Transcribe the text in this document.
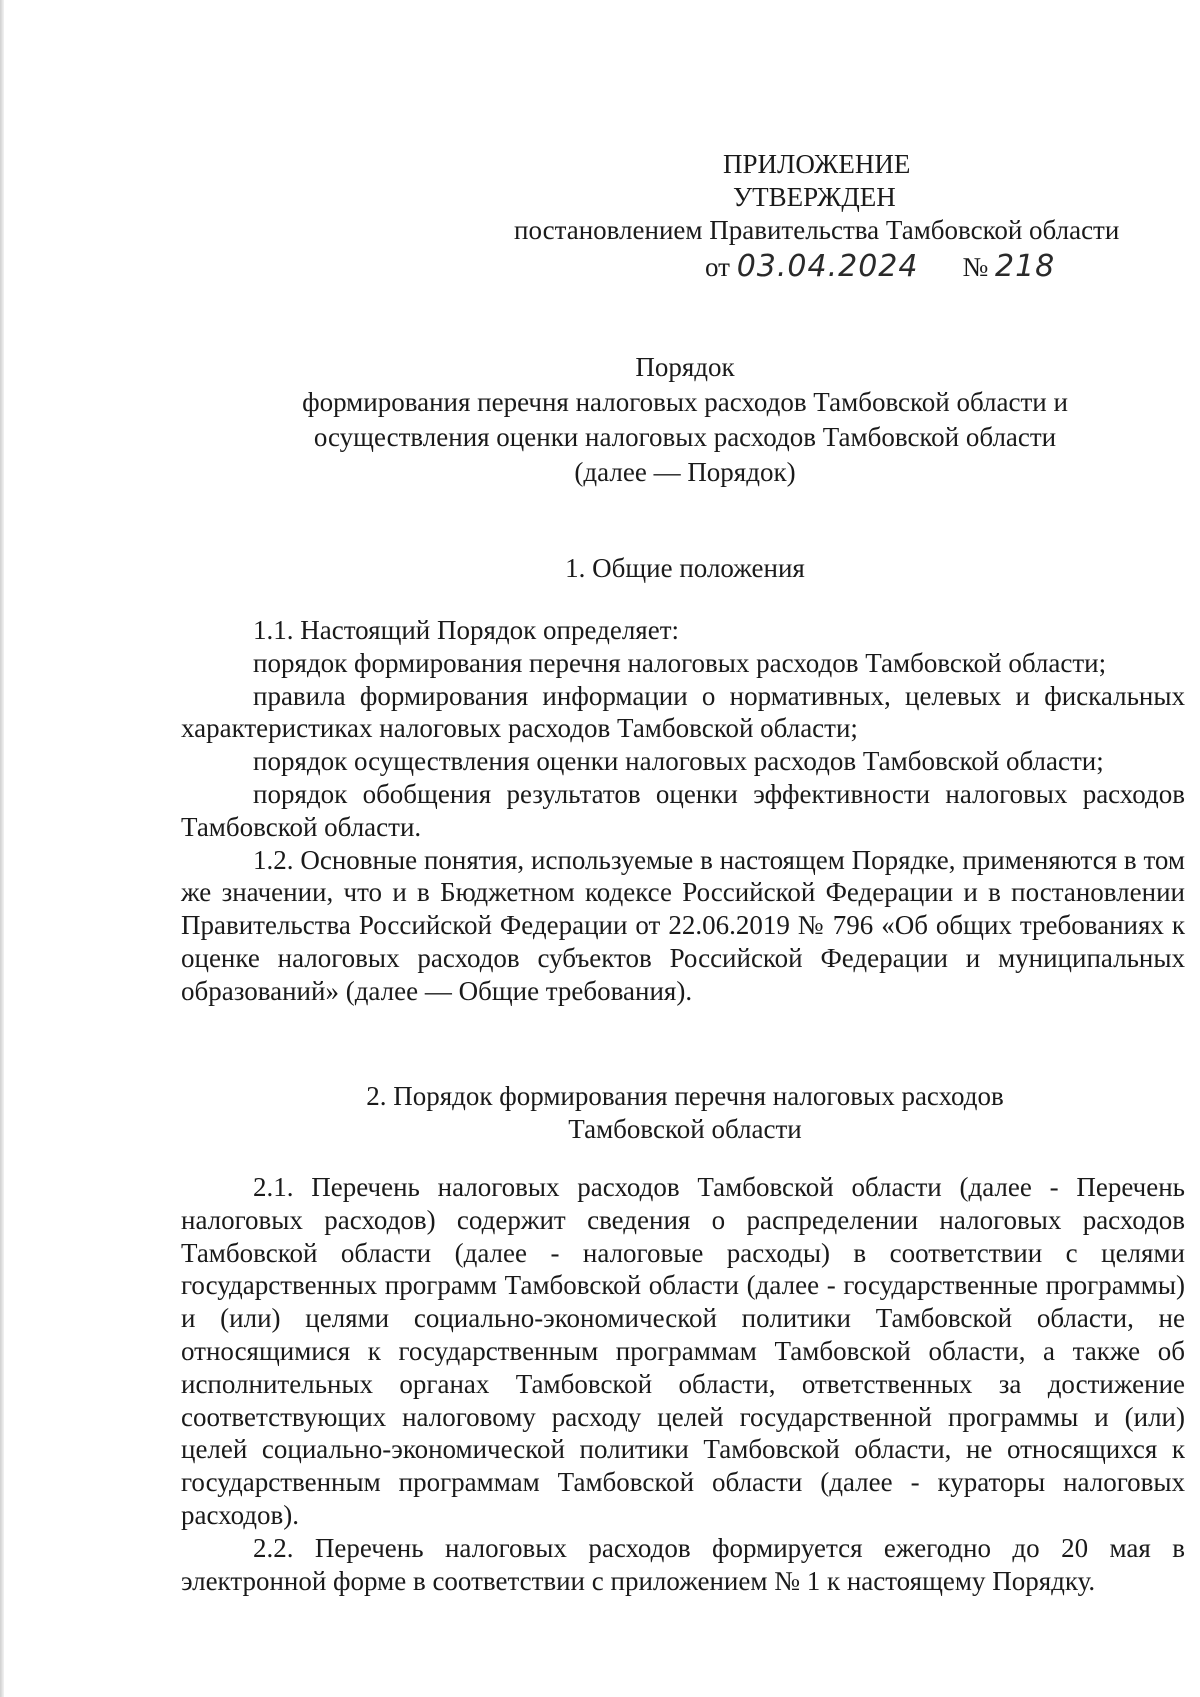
ПРИЛОЖЕНИЕ
УТВЕРЖДЕН
постановлением Правительства Тамбовской области
от 03.04.2024 № 218
Порядок
формирования перечня налоговых расходов Тамбовской области и
осуществления оценки налоговых расходов Тамбовской области
(далее — Порядок)
1. Общие положения

1.1. Настоящий Порядок определяет:

порядок формирования перечня налоговых расходов Тамбовской области;

правила формирования информации о нормативных, целевых и фискальных характеристиках налоговых расходов Тамбовской области;

порядок осуществления оценки налоговых расходов Тамбовской области;

порядок обобщения результатов оценки эффективности налоговых расходов Тамбовской области.

1.2. Основные понятия, используемые в настоящем Порядке, применяются в том же значении, что и в Бюджетном кодексе Российской Федерации и в постановлении Правительства Российской Федерации от 22.06.2019 № 796 «Об общих требованиях к оценке налоговых расходов субъектов Российской Федерации и муниципальных образований» (далее — Общие требования).

2. Порядок формирования перечня налоговых расходов
Тамбовской области

2.1. Перечень налоговых расходов Тамбовской области (далее - Перечень налоговых расходов) содержит сведения о распределении налоговых расходов Тамбовской области (далее - налоговые расходы) в соответствии с целями государственных программ Тамбовской области (далее - государственные программы) и (или) целями социально-экономической политики Тамбовской области, не относящимися к государственным программам Тамбовской области, а также об исполнительных органах Тамбовской области, ответственных за достижение соответствующих налоговому расходу целей государственной программы и (или) целей социально-экономической политики Тамбовской области, не относящихся к государственным программам Тамбовской области (далее - кураторы налоговых расходов).

2.2. Перечень налоговых расходов формируется ежегодно до 20 мая в электронной форме в соответствии с приложением № 1 к настоящему Порядку.
